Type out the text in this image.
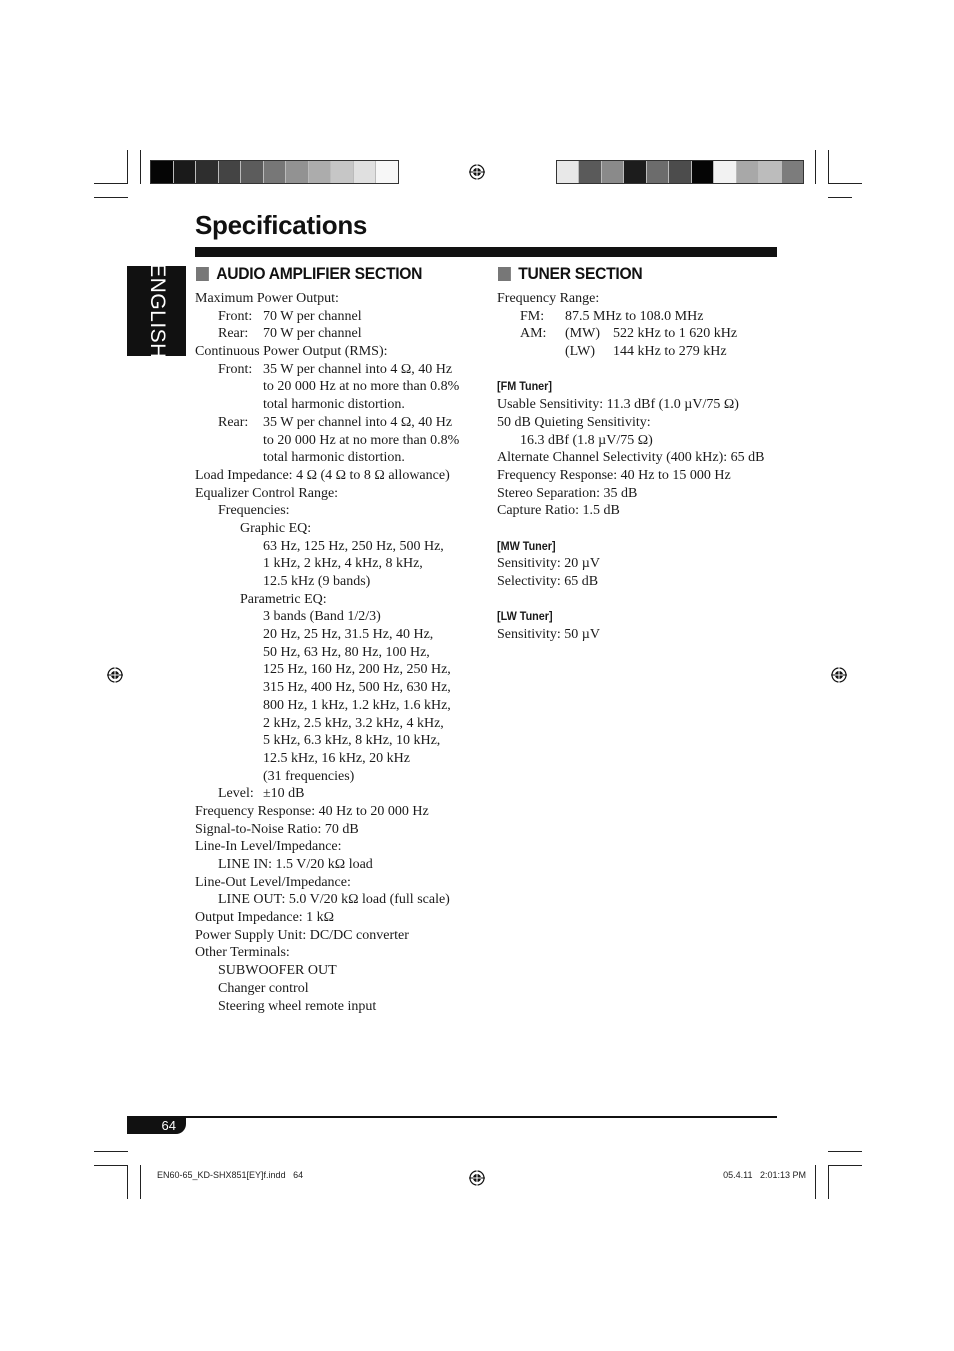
Specifications
ENGLISH	AUDIO AMPLIFIER SECTION
Maximum Power Output:
Front: 70 W per channel
Rear: 70 W per channel
Continuous Power Output (RMS):
Front: 35 W per channel into 4 Ω, 40 Hz
to 20 000 Hz at no more than 0.8%
total harmonic distortion.
Rear: 35 W per channel into 4 Ω, 40 Hz
to 20 000 Hz at no more than 0.8%
total harmonic distortion.
Load Impedance: 4 Ω (4 Ω to 8 Ω allowance)
Equalizer Control Range:
Frequencies:
Graphic EQ:
63 Hz, 125 Hz, 250 Hz, 500 Hz,
1 kHz, 2 kHz, 4 kHz, 8 kHz,
12.5 kHz (9 bands)
Parametric EQ:
3 bands (Band 1/2/3)
20 Hz, 25 Hz, 31.5 Hz, 40 Hz,
50 Hz, 63 Hz, 80 Hz, 100 Hz,
125 Hz, 160 Hz, 200 Hz, 250 Hz,
315 Hz, 400 Hz, 500 Hz, 630 Hz,
800 Hz, 1 kHz, 1.2 kHz, 1.6 kHz,
2 kHz, 2.5 kHz, 3.2 kHz, 4 kHz,
5 kHz, 6.3 kHz, 8 kHz, 10 kHz,
12.5 kHz, 16 kHz, 20 kHz
(31 frequencies)
Level: ±10 dB
Frequency Response: 40 Hz to 20 000 Hz
Signal-to-Noise Ratio: 70 dB
Line-In Level/Impedance:
LINE IN: 1.5 V/20 kΩ load
Line-Out Level/Impedance:
LINE OUT: 5.0 V/20 kΩ load (full scale)
Output Impedance: 1 kΩ
Power Supply Unit: DC/DC converter
Other Terminals:
SUBWOOFER OUT
Changer control
Steering wheel remote input
TUNER SECTION
Frequency Range:
FM: 87.5 MHz to 108.0 MHz
AM: (MW) 522 kHz to 1 620 kHz
(LW) 144 kHz to 279 kHz
[FM Tuner]
Usable Sensitivity: 11.3 dBf (1.0 µV/75 Ω)
50 dB Quieting Sensitivity:
16.3 dBf (1.8 µV/75 Ω)
Alternate Channel Selectivity (400 kHz): 65 dB
Frequency Response: 40 Hz to 15 000 Hz
Stereo Separation: 35 dB
Capture Ratio: 1.5 dB
[MW Tuner]
Sensitivity: 20 µV
Selectivity: 65 dB
[LW Tuner]
Sensitivity: 50 µV
64
EN60-65_KD-SHX851[EY]f.indd   64	05.4.11   2:01:13 PM
